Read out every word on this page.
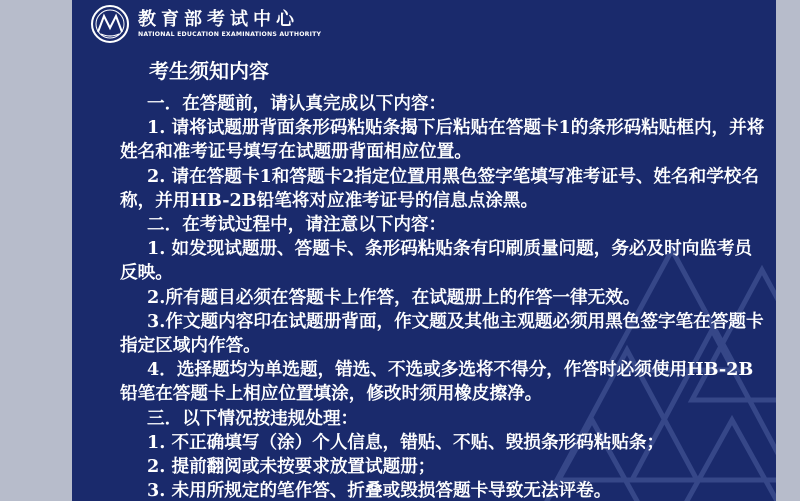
教育部考试中心
NATIONAL EDUCATION EXAMINATIONS AUTHORITY
考生须知内容
一．在答题前，请认真完成以下内容：
1. 请将试题册背面条形码粘贴条揭下后粘贴在答题卡1的条形码粘贴框内，并将姓名和准考证号填写在试题册背面相应位置。
2. 请在答题卡1和答题卡2指定位置用黑色签字笔填写准考证号、姓名和学校名称，并用HB-2B铅笔将对应准考证号的信息点涂黑。
二．在考试过程中，请注意以下内容：
1. 如发现试题册、答题卡、条形码粘贴条有印刷质量问题，务必及时向监考员反映。
2.所有题目必须在答题卡上作答，在试题册上的作答一律无效。
3.作文题内容印在试题册背面，作文题及其他主观题必须用黑色签字笔在答题卡指定区域内作答。
4．选择题均为单选题，错选、不选或多选将不得分，作答时必须使用HB-2B铅笔在答题卡上相应位置填涂，修改时须用橡皮擦净。
三．以下情况按违规处理：
1. 不正确填写（涂）个人信息，错贴、不贴、毁损条形码粘贴条；
2. 提前翻阅或未按要求放置试题册；
3. 未用所规定的笔作答、折叠或毁损答题卡导致无法评卷。
